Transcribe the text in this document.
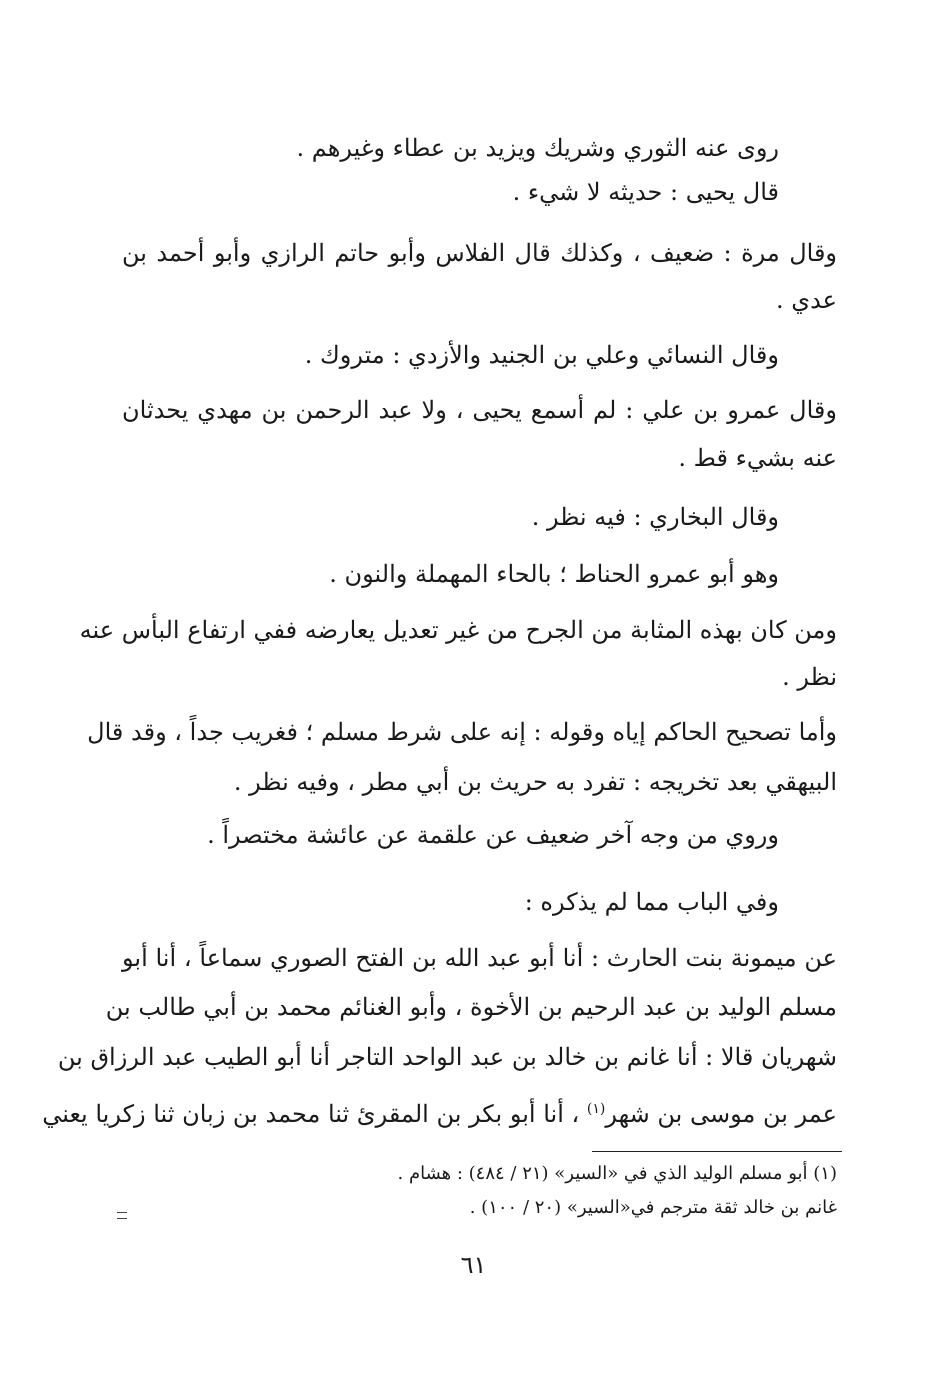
روى عنه الثوري وشريك ويزيد بن عطاء وغيرهم .
قال يحيى : حديثه لا شيء .
وقال مرة : ضعيف ، وكذلك قال الفلاس وأبو حاتم الرازي وأبو أحمد بن
عدي .
وقال النسائي وعلي بن الجنيد والأزدي : متروك .
وقال عمرو بن علي : لم أسمع يحيى ، ولا عبد الرحمن بن مهدي يحدثان
عنه بشيء قط .
وقال البخاري : فيه نظر .
وهو أبو عمرو الحناط ؛ بالحاء المهملة والنون .
ومن كان بهذه المثابة من الجرح من غير تعديل يعارضه ففي ارتفاع البأس عنه
نظر .
وأما تصحيح الحاكم إياه وقوله : إنه على شرط مسلم ؛ فغريب جداً ، وقد قال
البيهقي بعد تخريجه : تفرد به حريث بن أبي مطر ، وفيه نظر .
وروي من وجه آخر ضعيف عن علقمة عن عائشة مختصراً .
وفي الباب مما لم يذكره :
عن ميمونة بنت الحارث : أنا أبو عبد الله بن الفتح الصوري سماعاً ، أنا أبو
مسلم الوليد بن عبد الرحيم بن الأخوة ، وأبو الغنائم محمد بن أبي طالب بن
شهريان قالا : أنا غانم بن خالد بن عبد الواحد التاجر أنا أبو الطيب عبد الرزاق بن
عمر بن موسى بن شهر$^{(١)}$ ، أنا أبو بكر بن المقرئ ثنا محمد بن زبان ثنا زكريا يعني
(١) أبو مسلم الوليد الذي في «السير» (٢١ / ٤٨٤) : هشام .
غانم بن خالد ثقة مترجم في«السير» (٢٠ / ١٠٠) .
٦١
